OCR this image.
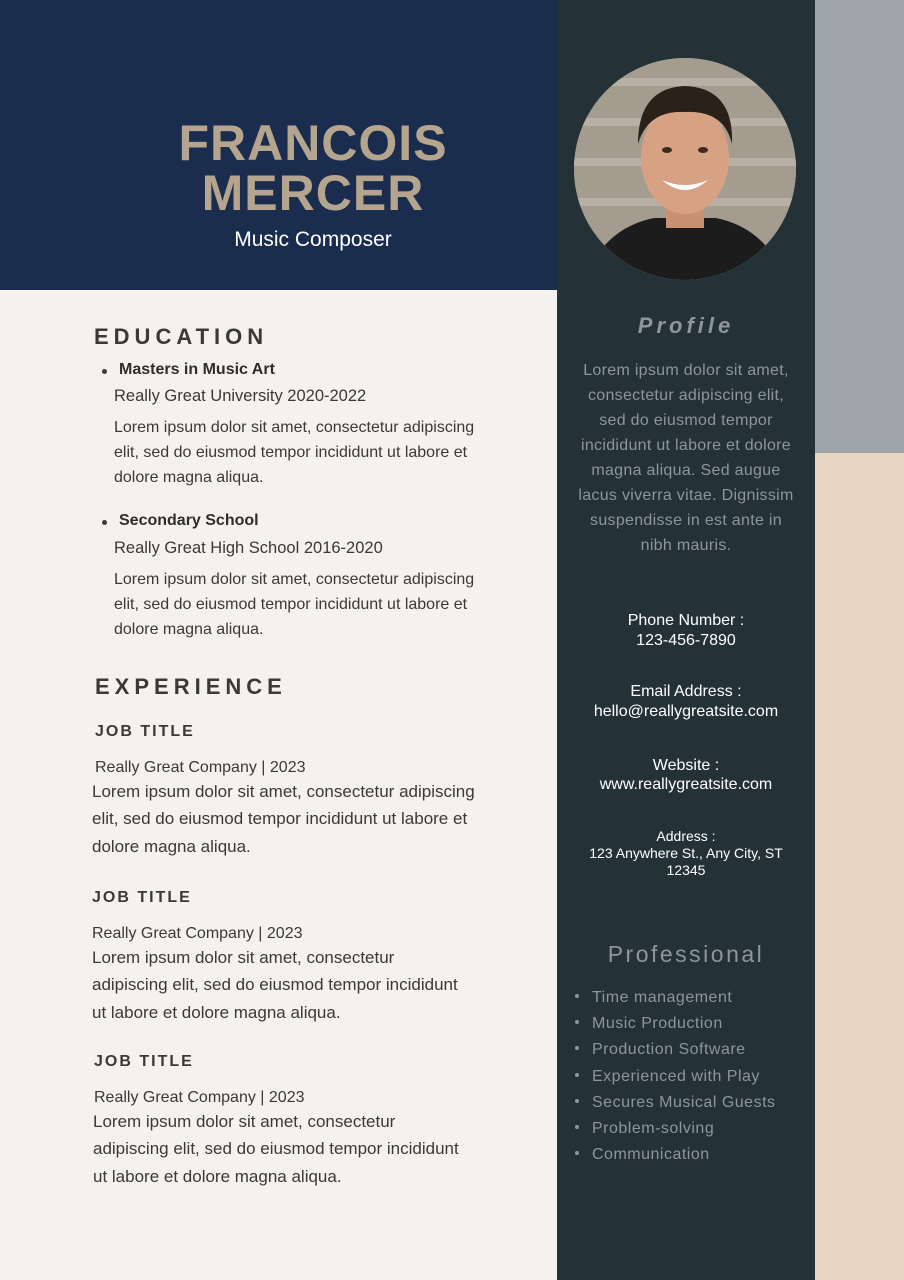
FRANCOIS
MERCER
Music Composer
EDUCATION
Masters in Music Art
Really Great University 2020-2022
Lorem ipsum dolor sit amet, consectetur adipiscing
elit, sed do eiusmod tempor incididunt ut labore et
dolore magna aliqua.
Secondary School
Really Great High School 2016-2020
Lorem ipsum dolor sit amet, consectetur adipiscing
elit, sed do eiusmod tempor incididunt ut labore et
dolore magna aliqua.
EXPERIENCE
JOB TITLE
Really Great Company | 2023
Lorem ipsum dolor sit amet, consectetur adipiscing
elit, sed do eiusmod tempor incididunt ut labore et
dolore magna aliqua.
JOB TITLE
Really Great Company | 2023
Lorem ipsum dolor sit amet, consectetur
adipiscing elit, sed do eiusmod tempor incididunt
ut labore et dolore magna aliqua.
JOB TITLE
Really Great Company | 2023
Lorem ipsum dolor sit amet, consectetur
adipiscing elit, sed do eiusmod tempor incididunt
ut labore et dolore magna aliqua.
Profile
Lorem ipsum dolor sit amet,
consectetur adipiscing elit,
sed do eiusmod tempor
incididunt ut labore et dolore
magna aliqua. Sed augue
lacus viverra vitae. Dignissim
suspendisse in est ante in
nibh mauris.
Phone Number :
123-456-7890
Email Address :
hello@reallygreatsite.com
Website :
www.reallygreatsite.com
Address :
123 Anywhere St., Any City, ST
12345
Professional
Time management
Music Production
Production Software
Experienced with Play
Secures Musical Guests
Problem-solving
Communication
